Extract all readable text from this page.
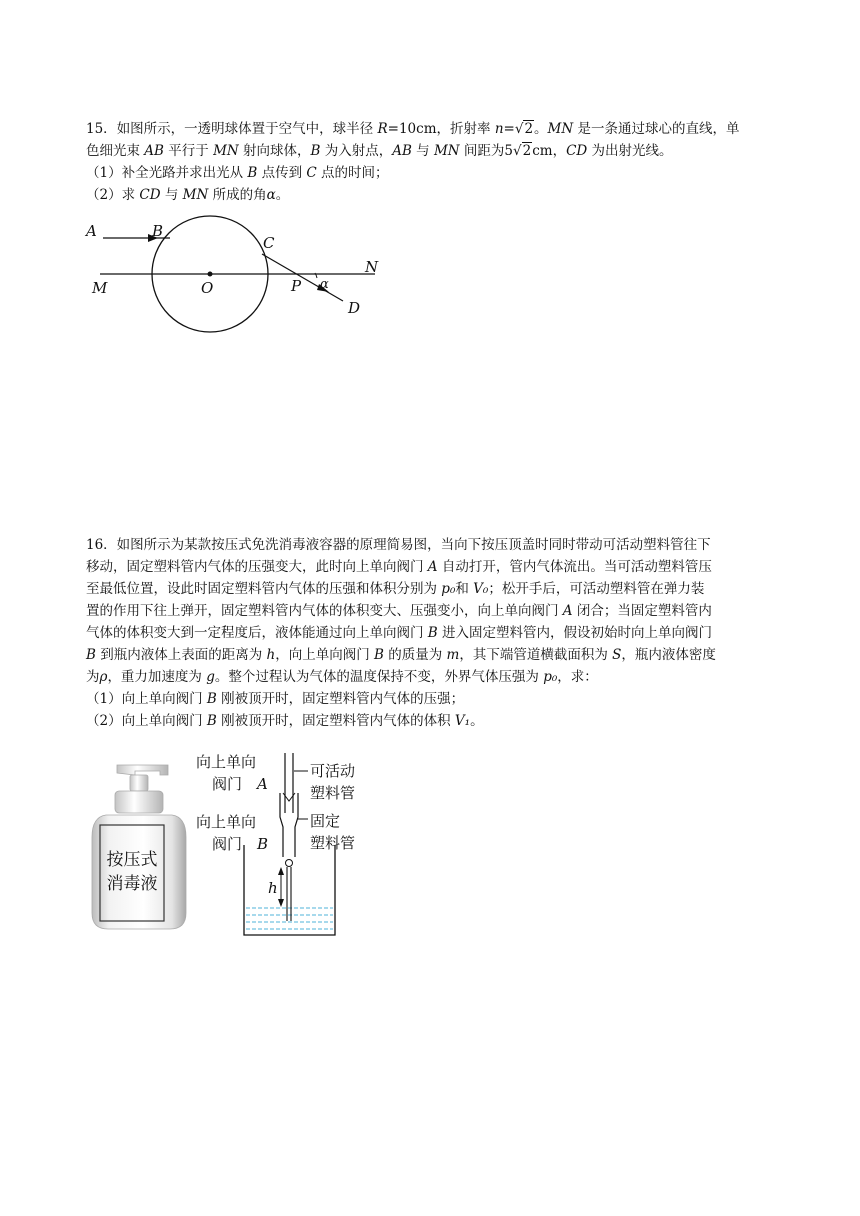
15．如图所示，一透明球体置于空气中，球半径 R=10cm，折射率 n=√2。MN 是一条通过球心的直线，单

色细光束 AB 平行于 MN 射向球体，B 为入射点，AB 与 MN 间距为5√2cm，CD 为出射光线。

（1）补全光路并求出光从 B 点传到 C 点的时间；

（2）求 CD 与 MN 所成的角α。

A	B
C
N
M	O	P α
D

16．如图所示为某款按压式免洗消毒液容器的原理简易图，当向下按压顶盖时同时带动可活动塑料管往下

移动，固定塑料管内气体的压强变大，此时向上单向阀门 A 自动打开，管内气体流出。当可活动塑料管压

至最低位置，设此时固定塑料管内气体的压强和体积分别为 p₀和 V₀；松开手后，可活动塑料管在弹力装

置的作用下往上弹开，固定塑料管内气体的体积变大、压强变小，向上单向阀门 A 闭合；当固定塑料管内

气体的体积变大到一定程度后，液体能通过向上单向阀门 B 进入固定塑料管内，假设初始时向上单向阀门

B 到瓶内液体上表面的距离为 h，向上单向阀门 B 的质量为 m，其下端管道横截面积为 S，瓶内液体密度

为ρ，重力加速度为 g。整个过程认为气体的温度保持不变，外界气体压强为 p₀，求：

（1）向上单向阀门 B 刚被顶开时，固定塑料管内气体的压强；

（2）向上单向阀门 B 刚被顶开时，固定塑料管内气体的体积 V₁。

按压式
消毒液
向上单向
阀门 A
可活动
塑料管
向上单向
阀门 B
固定
塑料管
h
